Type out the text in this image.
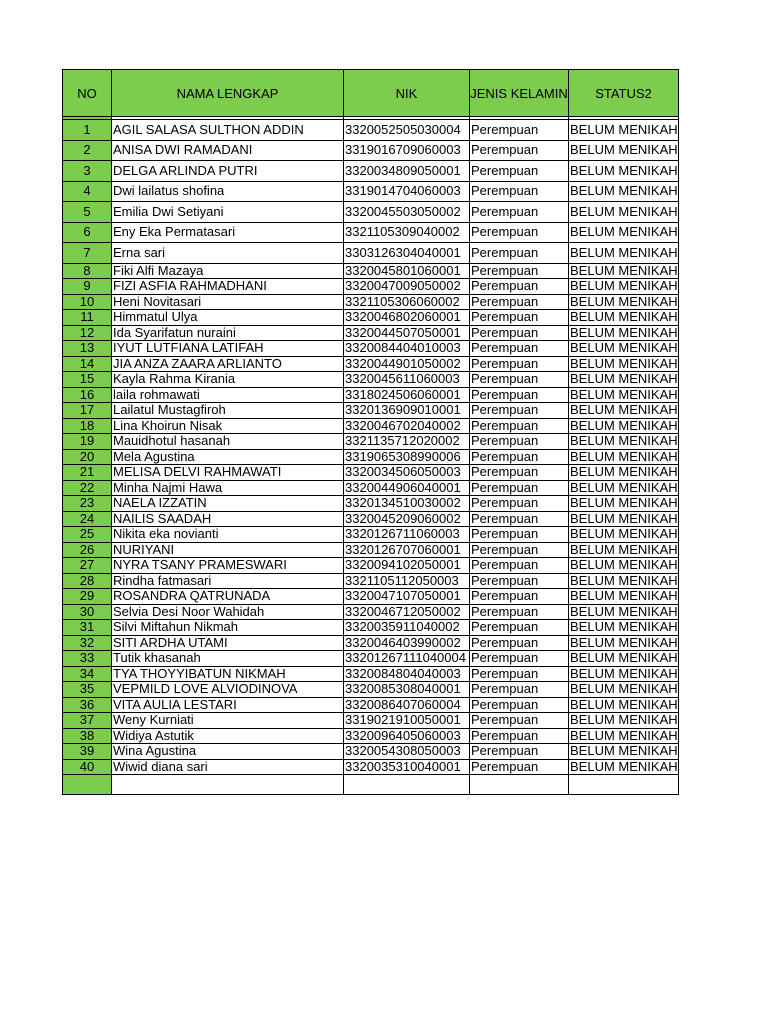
NO	NAMA LENGKAP	NIK	JENIS KELAMIN	STATUS2

1	AGIL SALASA SULTHON ADDIN	3320052505030004	Perempuan	BELUM MENIKAH
2	ANISA DWI RAMADANI	3319016709060003	Perempuan	BELUM MENIKAH
3	DELGA ARLINDA PUTRI	3320034809050001	Perempuan	BELUM MENIKAH
4	Dwi lailatus shofina	3319014704060003	Perempuan	BELUM MENIKAH
5	Emilia Dwi Setiyani	3320045503050002	Perempuan	BELUM MENIKAH
6	Eny Eka Permatasari	3321105309040002	Perempuan	BELUM MENIKAH
7	Erna sari	3303126304040001	Perempuan	BELUM MENIKAH
8	Fiki Alfi Mazaya	3320045801060001	Perempuan	BELUM MENIKAH
9	FIZI ASFIA RAHMADHANI	3320047009050002	Perempuan	BELUM MENIKAH
10	Heni Novitasari	3321105306060002	Perempuan	BELUM MENIKAH
11	Himmatul Ulya	3320046802060001	Perempuan	BELUM MENIKAH
12	Ida Syarifatun nuraini	3320044507050001	Perempuan	BELUM MENIKAH
13	IYUT LUTFIANA LATIFAH	3320084404010003	Perempuan	BELUM MENIKAH
14	JIA ANZA ZAARA ARLIANTO	3320044901050002	Perempuan	BELUM MENIKAH
15	Kayla Rahma Kirania	3320045611060003	Perempuan	BELUM MENIKAH
16	laila rohmawati	3318024506060001	Perempuan	BELUM MENIKAH
17	Lailatul Mustagfiroh	3320136909010001	Perempuan	BELUM MENIKAH
18	Lina Khoirun Nisak	3320046702040002	Perempuan	BELUM MENIKAH
19	Mauidhotul hasanah	3321135712020002	Perempuan	BELUM MENIKAH
20	Mela Agustina	3319065308990006	Perempuan	BELUM MENIKAH
21	MELISA DELVI RAHMAWATI	3320034506050003	Perempuan	BELUM MENIKAH
22	Minha Najmi Hawa	3320044906040001	Perempuan	BELUM MENIKAH
23	NAELA IZZATIN	3320134510030002	Perempuan	BELUM MENIKAH
24	NAILIS SAADAH	3320045209060002	Perempuan	BELUM MENIKAH
25	Nikita eka novianti	3320126711060003	Perempuan	BELUM MENIKAH
26	NURIYANI	3320126707060001	Perempuan	BELUM MENIKAH
27	NYRA TSANY PRAMESWARI	3320094102050001	Perempuan	BELUM MENIKAH
28	Rindha fatmasari	3321105112050003	Perempuan	BELUM MENIKAH
29	ROSANDRA QATRUNADA	3320047107050001	Perempuan	BELUM MENIKAH
30	Selvia Desi Noor Wahidah	3320046712050002	Perempuan	BELUM MENIKAH
31	Silvi Miftahun Nikmah	3320035911040002	Perempuan	BELUM MENIKAH
32	SITI ARDHA UTAMI	3320046403990002	Perempuan	BELUM MENIKAH
33	Tutik khasanah	33201267111040004	Perempuan	BELUM MENIKAH
34	TYA THOYYIBATUN NIKMAH	3320084804040003	Perempuan	BELUM MENIKAH
35	VEPMILD LOVE ALVIODINOVA	3320085308040001	Perempuan	BELUM MENIKAH
36	VITA AULIA LESTARI	3320086407060004	Perempuan	BELUM MENIKAH
37	Weny Kurniati	3319021910050001	Perempuan	BELUM MENIKAH
38	Widiya Astutik	3320096405060003	Perempuan	BELUM MENIKAH
39	Wina Agustina	3320054308050003	Perempuan	BELUM MENIKAH
40	Wiwid diana sari	3320035310040001	Perempuan	BELUM MENIKAH
